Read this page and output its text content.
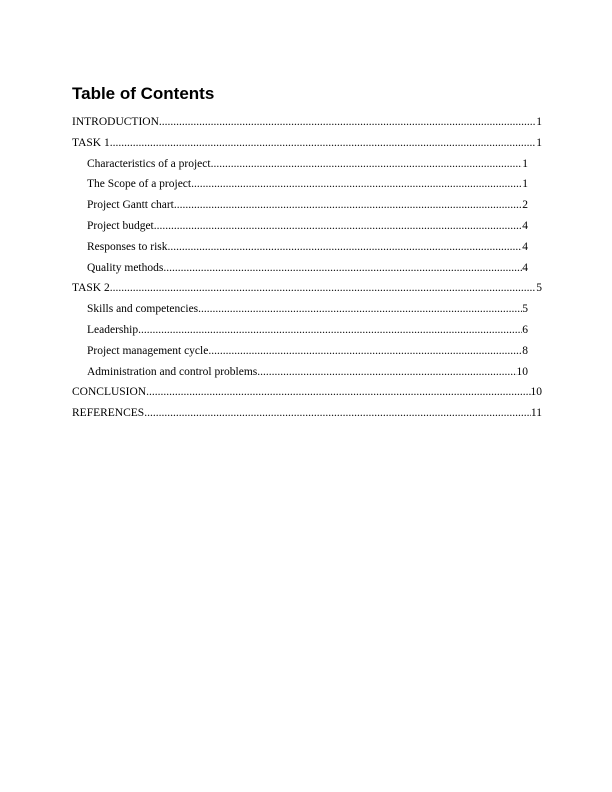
Table of Contents
INTRODUCTION .....	1
TASK 1 .....	1
Characteristics of a project .....	1
The Scope of a project .....	1
Project Gantt chart .....	2
Project budget .....	4
Responses to risk .....	4
Quality methods .....	4
TASK 2 .....	5
Skills and competencies .....	5
Leadership .....	6
Project management cycle .....	8
Administration and control problems .....	10
CONCLUSION .....	10
REFERENCES .....	11
